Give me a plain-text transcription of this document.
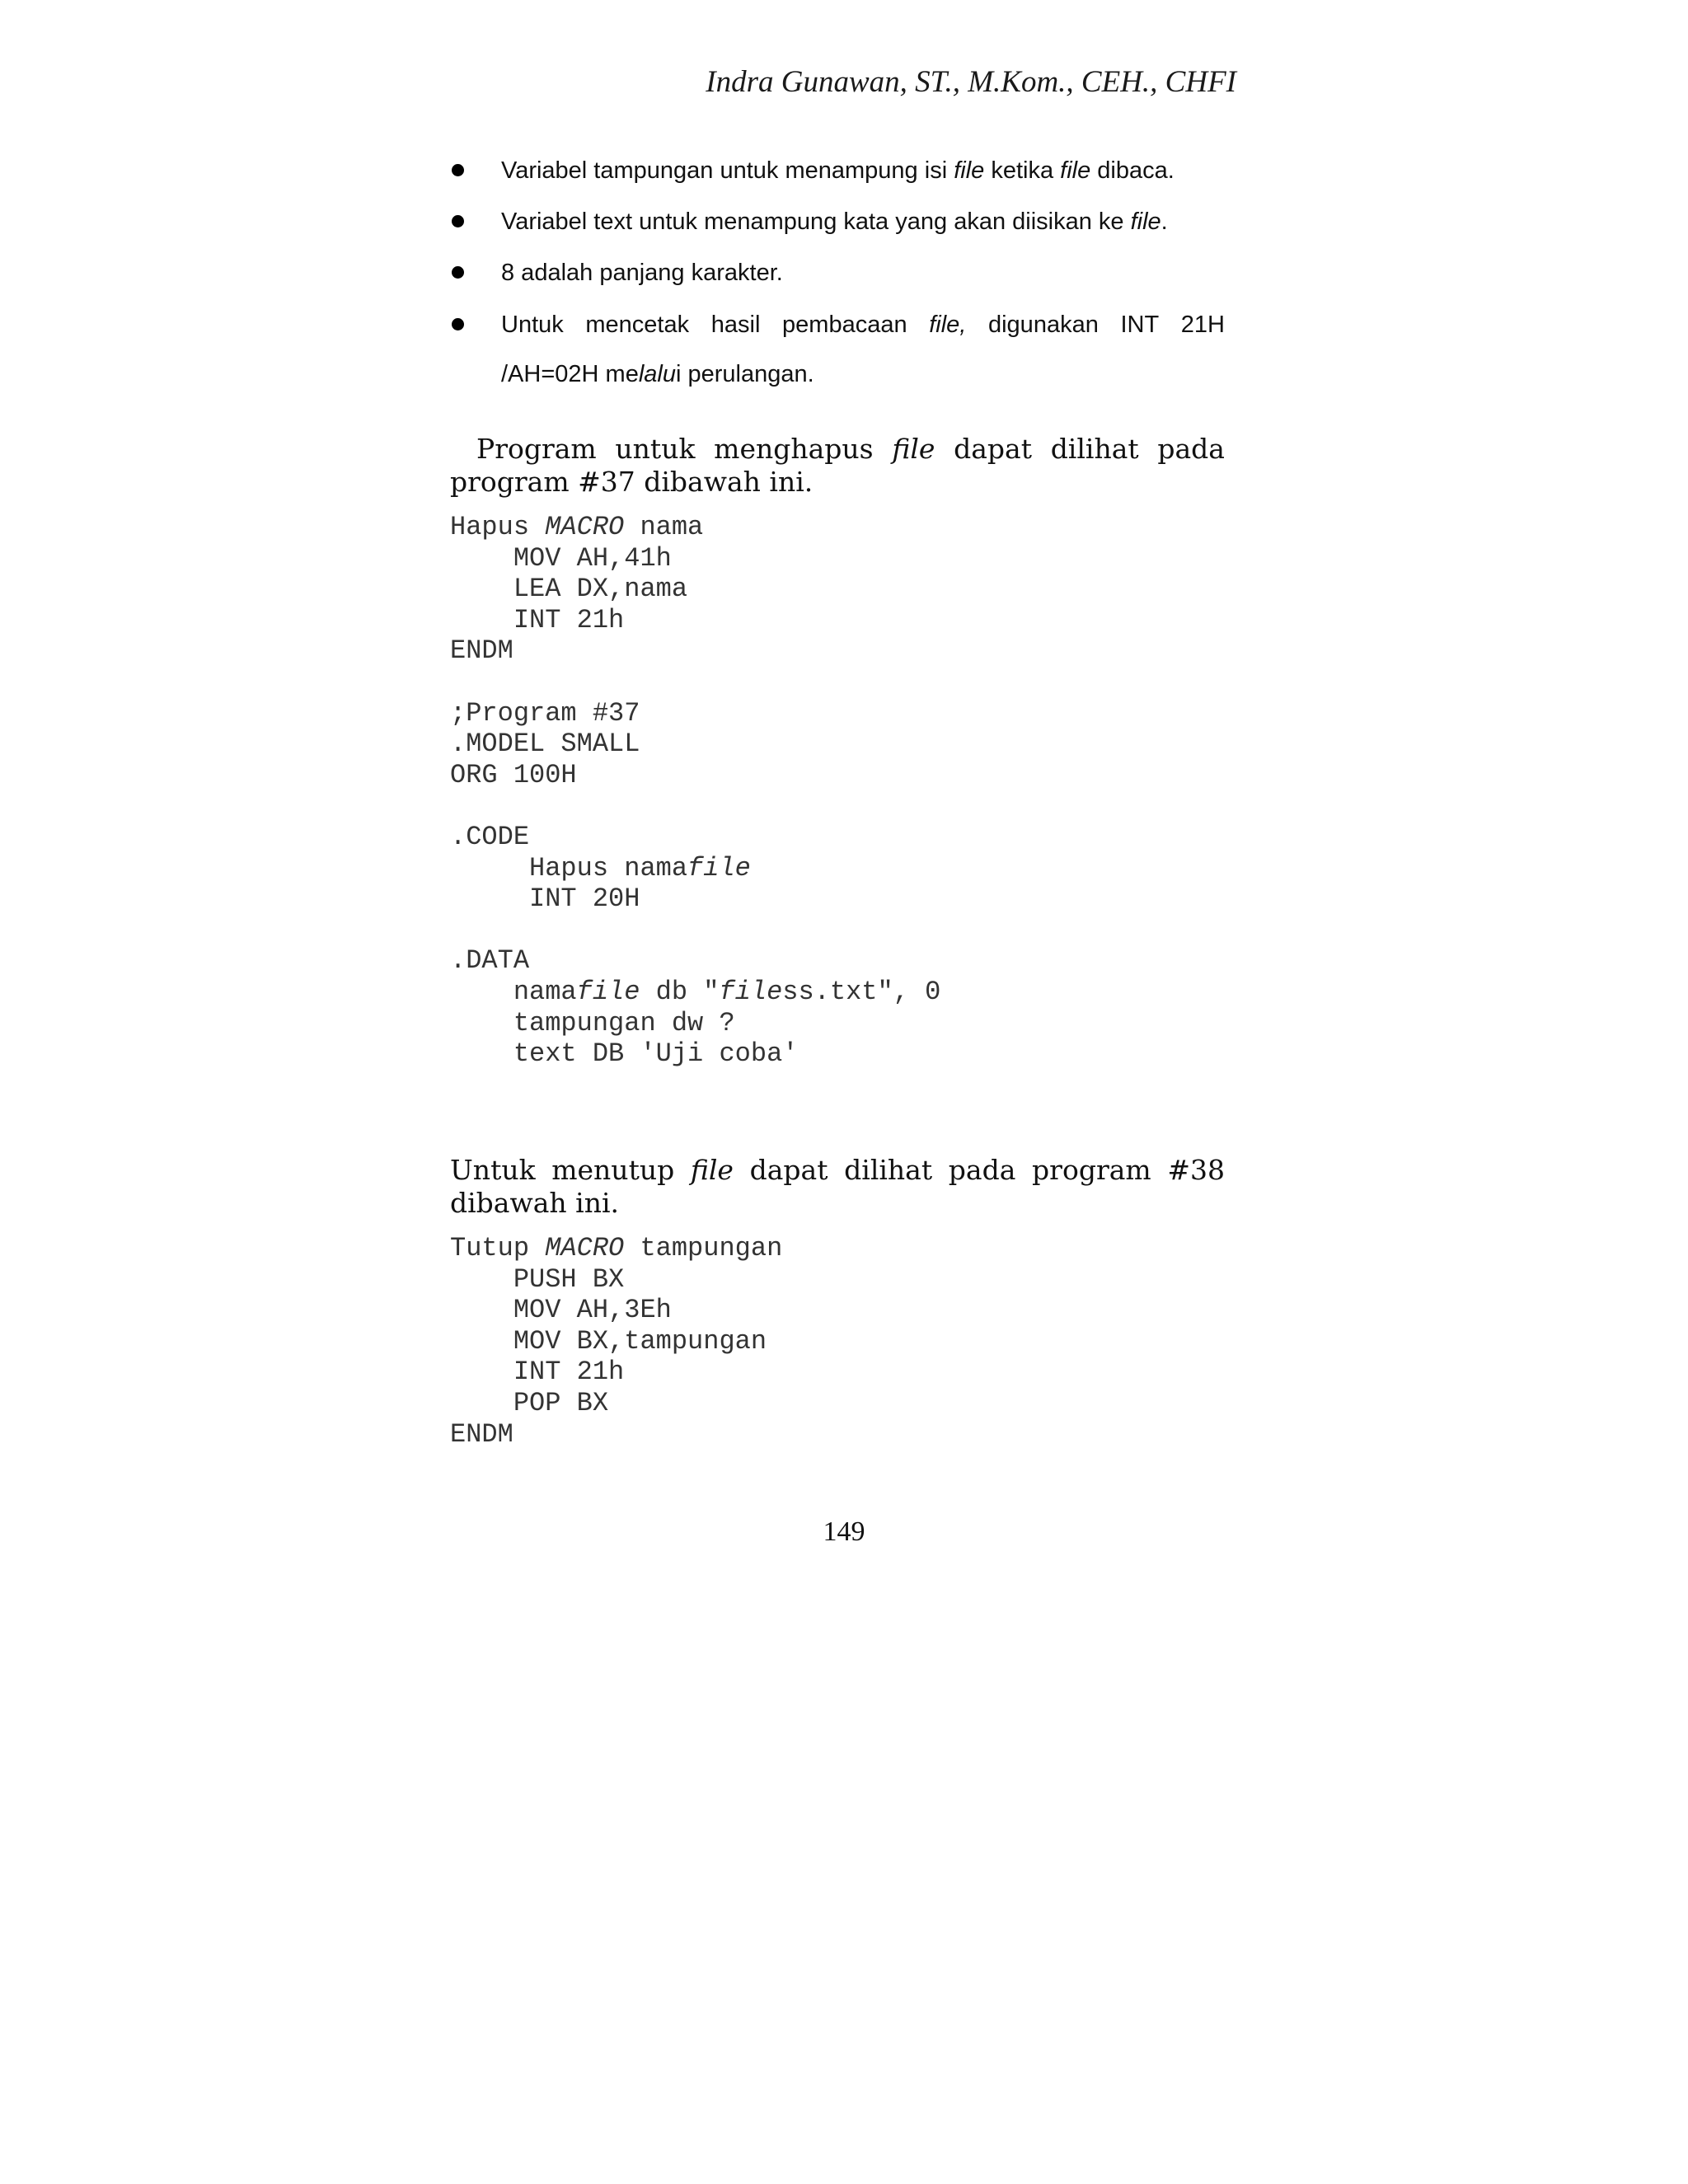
Indra Gunawan, ST., M.Kom., CEH., CHFI
Variabel tampungan untuk menampung isi file ketika file dibaca.
Variabel text untuk menampung kata yang akan diisikan ke file.
8 adalah panjang karakter.
Untuk mencetak hasil pembacaan file, digunakan INT 21H
/AH=02H melalui perulangan.
Program untuk menghapus file dapat dilihat pada
program #37 dibawah ini.
Hapus MACRO nama
MOV AH,41h
LEA DX,nama
INT 21h
ENDM
;Program #37
.MODEL SMALL
ORG 100H
.CODE
Hapus namafile
INT 20H
.DATA
namafile db "filess.txt", 0
tampungan dw ?
text DB 'Uji coba'
Untuk menutup file dapat dilihat pada program #38
dibawah ini.
Tutup MACRO tampungan
PUSH BX
MOV AH,3Eh
MOV BX,tampungan
INT 21h
POP BX
ENDM
149
